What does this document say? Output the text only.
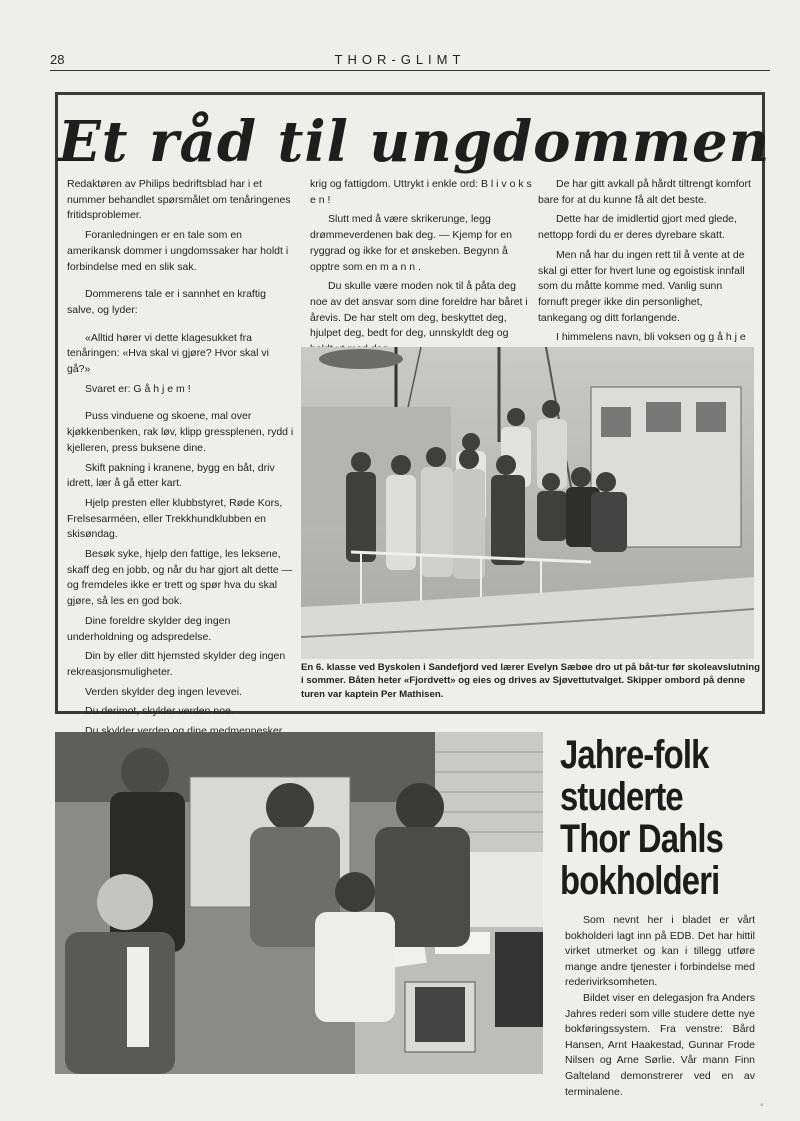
28	THOR-GLIMT
Et råd til ungdommen

Redaktøren av Philips bedriftsblad har i et nummer behandlet spørsmålet om tenåringenes fritidsproblemer.

Foranledningen er en tale som en amerikansk dommer i ungdomssaker har holdt i forbindelse med en slik sak.

Dommerens tale er i sannhet en kraftig salve, og lyder:

«Alltid hører vi dette klagesukket fra tenåringen: «Hva skal vi gjøre? Hvor skal vi gå?»

Svaret er: G å h j e m !

Puss vinduene og skoene, mal over kjøkkenbenken, rak løv, klipp gressplenen, rydd i kjelleren, press buksene dine.

Skift pakning i kranene, bygg en båt, driv idrett, lær å gå etter kart.

Hjelp presten eller klubbstyret, Røde Kors, Frelsesarméen, eller Trekkhundklubben en skisøndag.

Besøk syke, hjelp den fattige, les leksene, skaff deg en jobb, og når du har gjort alt dette — og fremdeles ikke er trett og spør hva du skal gjøre, så les en god bok.

Dine foreldre skylder deg ingen underholdning og adspredelse.

Din by eller ditt hjemsted skylder deg ingen rekreasjonsmuligheter.

Verden skylder deg ingen levevei.

Du derimot, skylder verden noe.

krig og fattigdom. Uttrykt i enkle ord: B l i v o k s e n !

Slutt med å være skrikerunge, legg drømmeverdenen bak deg. — Kjemp for en ryggrad og ikke for et ønskeben. Begynn å opptre som en m a n n .

Du skulle være moden nok til å påta deg noe av det ansvar som dine foreldre har båret i årevis. De har stelt om deg, beskyttet deg, hjulpet deg, bedt for deg, unnskyldt deg og

De har gitt avkall på hårdt tiltrengt komfort bare for at du kunne få alt det beste.

Dette har de imidlertid gjort med glede, nettopp fordi du er deres dyrebare skatt.

Men nå har du ingen rett til å vente at de skal gi etter for hvert lune og egoistisk innfall som du måtte komme med. Vanlig sunn fornuft preger ikke din personlighet, tankegang og ditt forlangende.

I himmelens navn, bli voksen og g å h j e

En 6. klasse ved Byskolen i Sandefjord ved lærer Evelyn Sæbøe dro ut på båt-tur før skoleavslutning i sommer. Båten heter «Fjordvett» og eies og drives av Sjøvettutvalget. Skipper ombord på denne turen var kaptein Per Mathisen.
Jahre-folk
studerte
Thor Dahls
bokholderi

Som nevnt her i bladet er vårt bokholderi lagt inn på EDB. Det har hittil virket utmerket og kan i tillegg utføre mange andre tjenester i forbindelse med rederivirksomheten.

Bildet viser en delegasjon fra Anders Jahres rederi som ville studere dette nye bokføringssystem. Fra venstre: Bård Hansen, Arnt Haakestad, Gunnar Frode Nilsen og Arne Sørlie. Vår mann Finn Galteland demonstrerer ved en av terminalene.

°
